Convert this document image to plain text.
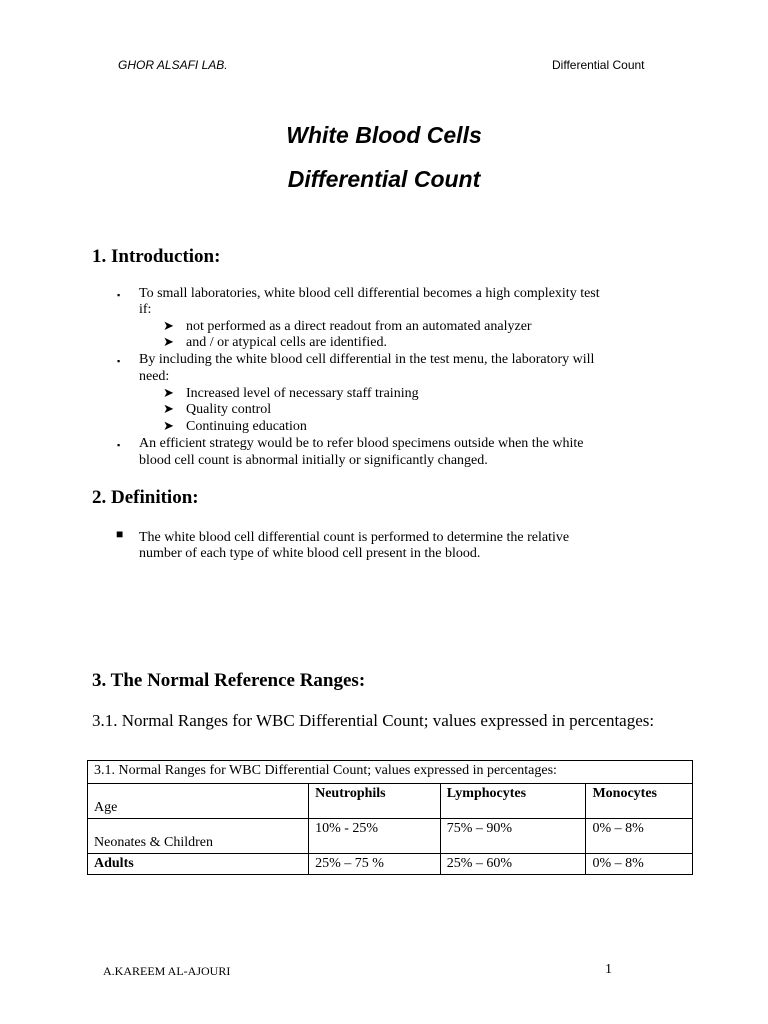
GHOR ALSAFI LAB.	Differential Count
White Blood Cells
Differential Count
1. Introduction:
▪ To small laboratories, white blood cell differential becomes a high complexity test
if:
➤ not performed as a direct readout from an automated analyzer
➤ and / or atypical cells are identified.
▪ By including the white blood cell differential in the test menu, the laboratory will
need:
➤ Increased level of necessary staff training
➤ Quality control
➤ Continuing education
▪ An efficient strategy would be to refer blood specimens outside when the white
blood cell count is abnormal initially or significantly changed.
2. Definition:
■ The white blood cell differential count is performed to determine the relative
number of each type of white blood cell present in the blood.
3. The Normal Reference Ranges:
3.1. Normal Ranges for WBC Differential Count; values expressed in percentages:
3.1. Normal Ranges for WBC Differential Count; values expressed in percentages:			

Age	Neutrophils	Lymphocytes	Monocytes

Neonates & Children	10% - 25%	75% – 90%	0% – 8%
Adults	25% – 75 %	25% – 60%	0% – 8%
A.KAREEM AL-AJOURI	1
